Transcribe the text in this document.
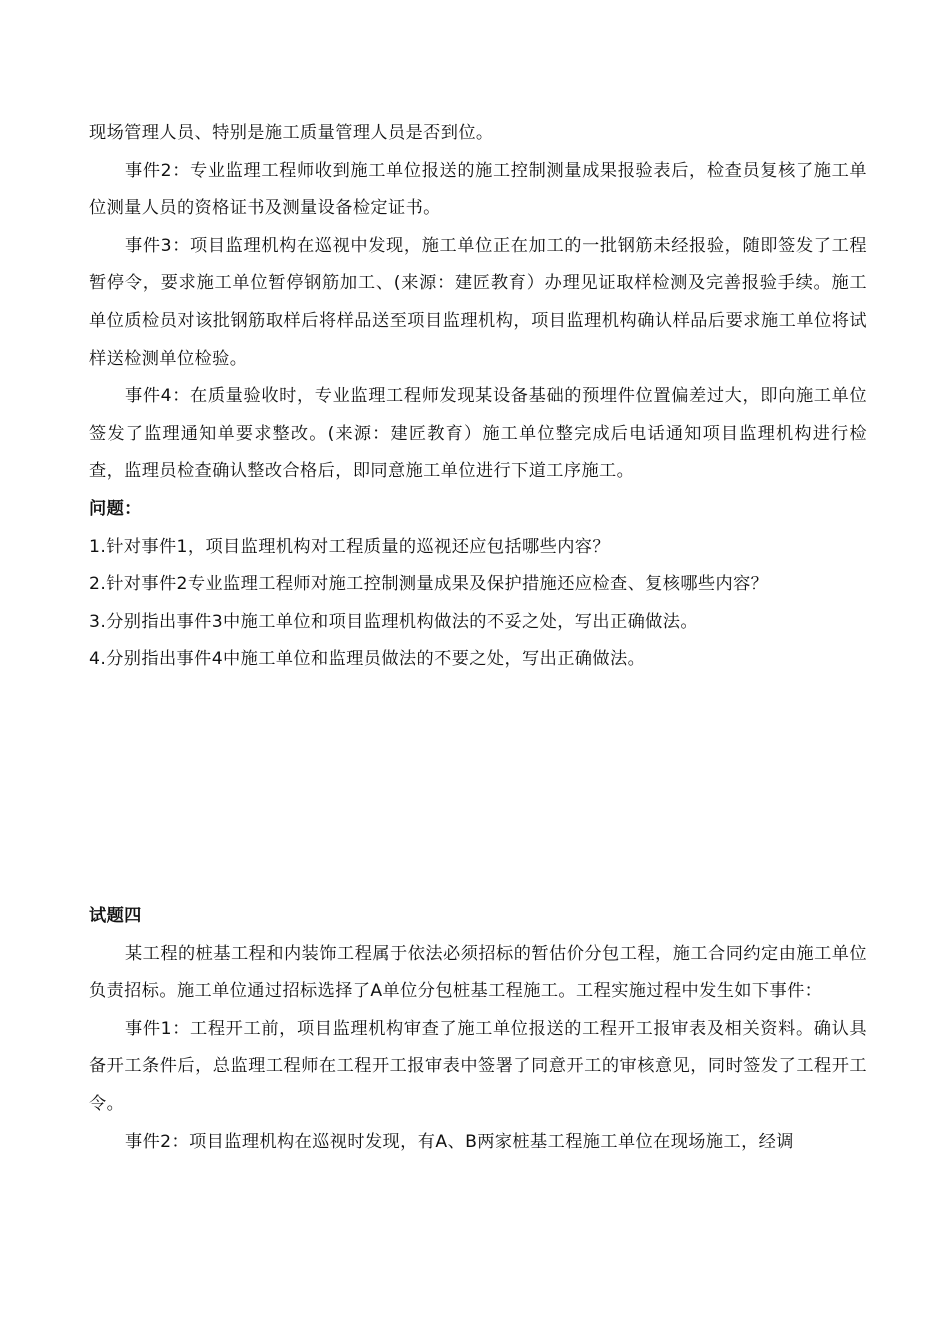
现场管理人员、特别是施工质量管理人员是否到位。

事件2：专业监理工程师收到施工单位报送的施工控制测量成果报验表后，检查员复核了施工单位测量人员的资格证书及测量设备检定证书。

事件3：项目监理机构在巡视中发现，施工单位正在加工的一批钢筋未经报验，随即签发了工程暂停令，要求施工单位暂停钢筋加工、(来源：建匠教育）办理见证取样检测及完善报验手续。施工单位质检员对该批钢筋取样后将样品送至项目监理机构，项目监理机构确认样品后要求施工单位将试样送检测单位检验。

事件4：在质量验收时，专业监理工程师发现某设备基础的预埋件位置偏差过大，即向施工单位签发了监理通知单要求整改。(来源：建匠教育）施工单位整完成后电话通知项目监理机构进行检查，监理员检查确认整改合格后，即同意施工单位进行下道工序施工。

问题：

1.针对事件1，项目监理机构对工程质量的巡视还应包括哪些内容？

2.针对事件2专业监理工程师对施工控制测量成果及保护措施还应检查、复核哪些内容？

3.分别指出事件3中施工单位和项目监理机构做法的不妥之处，写出正确做法。

4.分别指出事件4中施工单位和监理员做法的不要之处，写出正确做法。

试题四

某工程的桩基工程和内装饰工程属于依法必须招标的暂估价分包工程，施工合同约定由施工单位负责招标。施工单位通过招标选择了A单位分包桩基工程施工。工程实施过程中发生如下事件：

事件1：工程开工前，项目监理机构审查了施工单位报送的工程开工报审表及相关资料。确认具备开工条件后，总监理工程师在工程开工报审表中签署了同意开工的审核意见，同时签发了工程开工令。

事件2：项目监理机构在巡视时发现，有A、B两家桩基工程施工单位在现场施工，经调
